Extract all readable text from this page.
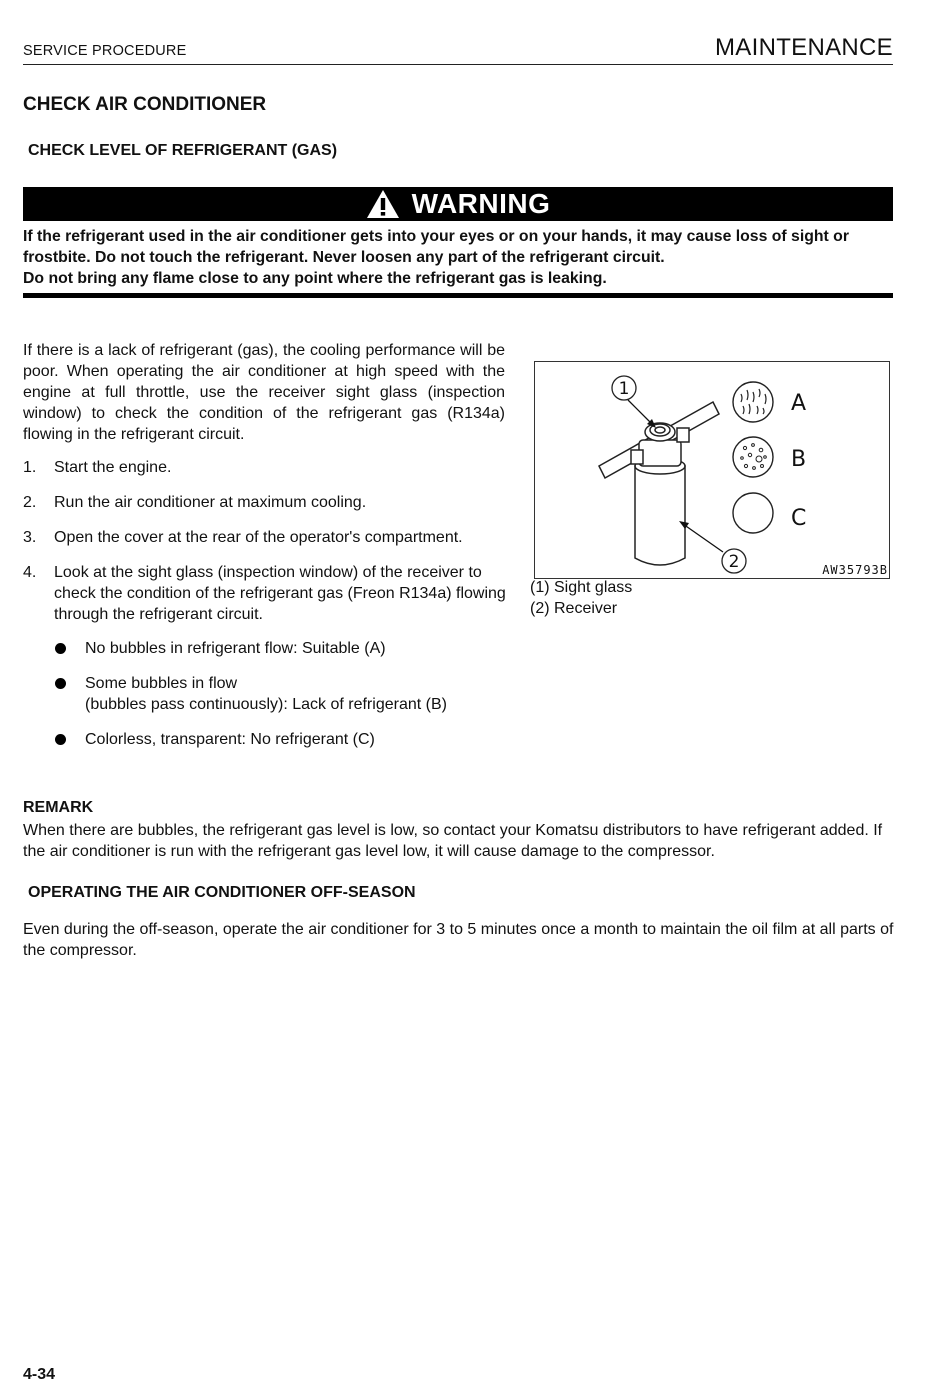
SERVICE PROCEDURE	MAINTENANCE
CHECK AIR CONDITIONER
CHECK LEVEL OF REFRIGERANT (GAS)
WARNING
If the refrigerant used in the air conditioner gets into your eyes or on your hands, it may cause loss of sight or frostbite. Do not touch the refrigerant. Never loosen any part of the refrigerant circuit.
Do not bring any flame close to any point where the refrigerant gas is leaking.
If there is a lack of refrigerant (gas), the cooling performance will be poor. When operating the air conditioner at high speed with the engine at full throttle, use the receiver sight glass (inspection window) to check the condition of the refrigerant gas (R134a) flowing in the refrigerant circuit.
1. Start the engine.
2. Run the air conditioner at maximum cooling.
3. Open the cover at the rear of the operator's compartment.
4. Look at the sight glass (inspection window) of the receiver to check the condition of the refrigerant gas (Freon R134a) flowing through the refrigerant circuit.
No bubbles in refrigerant flow: Suitable (A)
Some bubbles in flow
(bubbles pass continuously): Lack of refrigerant (B)
Colorless, transparent: No refrigerant (C)
1
2
A
B
C
AW35793B
(1) Sight glass
(2) Receiver
REMARK
When there are bubbles, the refrigerant gas level is low, so contact your Komatsu distributors to have refrigerant added. If the air conditioner is run with the refrigerant gas level low, it will cause damage to the compressor.
OPERATING THE AIR CONDITIONER OFF-SEASON
Even during the off-season, operate the air conditioner for 3 to 5 minutes once a month to maintain the oil film at all parts of the compressor.
4-34
